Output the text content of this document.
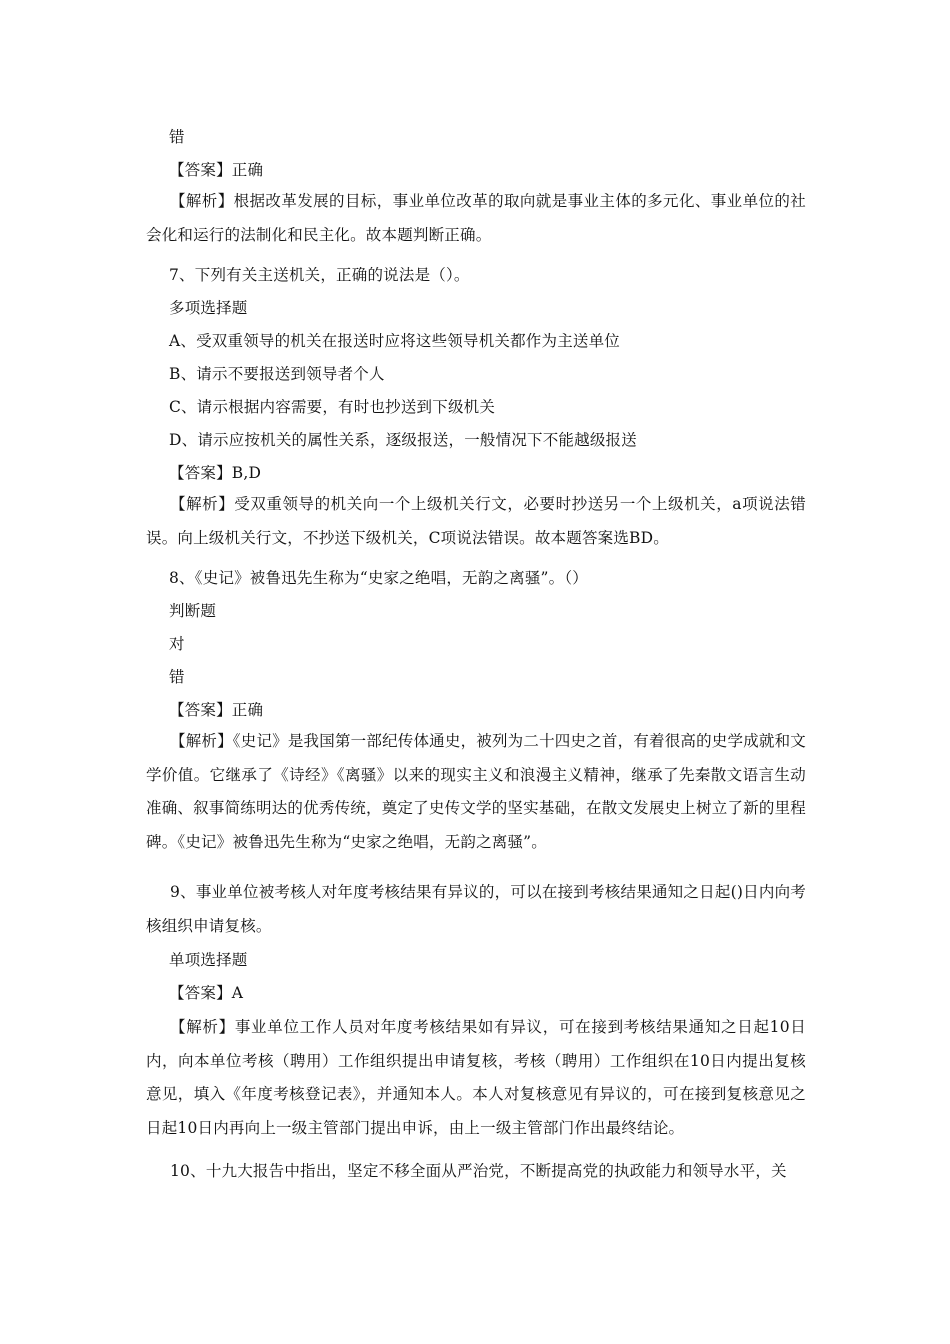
错
【答案】正确
【解析】根据改革发展的目标，事业单位改革的取向就是事业主体的多元化、事业单位的社会化和运行的法制化和民主化。故本题判断正确。
7、下列有关主送机关，正确的说法是（）。
多项选择题
A、受双重领导的机关在报送时应将这些领导机关都作为主送单位
B、请示不要报送到领导者个人
C、请示根据内容需要，有时也抄送到下级机关
D、请示应按机关的属性关系，逐级报送，一般情况下不能越级报送
【答案】B,D
【解析】受双重领导的机关向一个上级机关行文，必要时抄送另一个上级机关，a项说法错误。向上级机关行文，不抄送下级机关，C项说法错误。故本题答案选BD。
8、《史记》被鲁迅先生称为“史家之绝唱，无韵之离骚”。（）
判断题
对
错
【答案】正确
【解析】《史记》是我国第一部纪传体通史，被列为二十四史之首，有着很高的史学成就和文学价值。它继承了《诗经》《离骚》以来的现实主义和浪漫主义精神，继承了先秦散文语言生动准确、叙事简练明达的优秀传统，奠定了史传文学的坚实基础，在散文发展史上树立了新的里程碑。《史记》被鲁迅先生称为“史家之绝唱，无韵之离骚”。
9、事业单位被考核人对年度考核结果有异议的，可以在接到考核结果通知之日起()日内向考核组织申请复核。
单项选择题
【答案】A
【解析】事业单位工作人员对年度考核结果如有异议，可在接到考核结果通知之日起10日内，向本单位考核（聘用）工作组织提出申请复核，考核（聘用）工作组织在10日内提出复核意见，填入《年度考核登记表》，并通知本人。本人对复核意见有异议的，可在接到复核意见之日起10日内再向上一级主管部门提出申诉，由上一级主管部门作出最终结论。
10、十九大报告中指出，坚定不移全面从严治党，不断提高党的执政能力和领导水平，关
